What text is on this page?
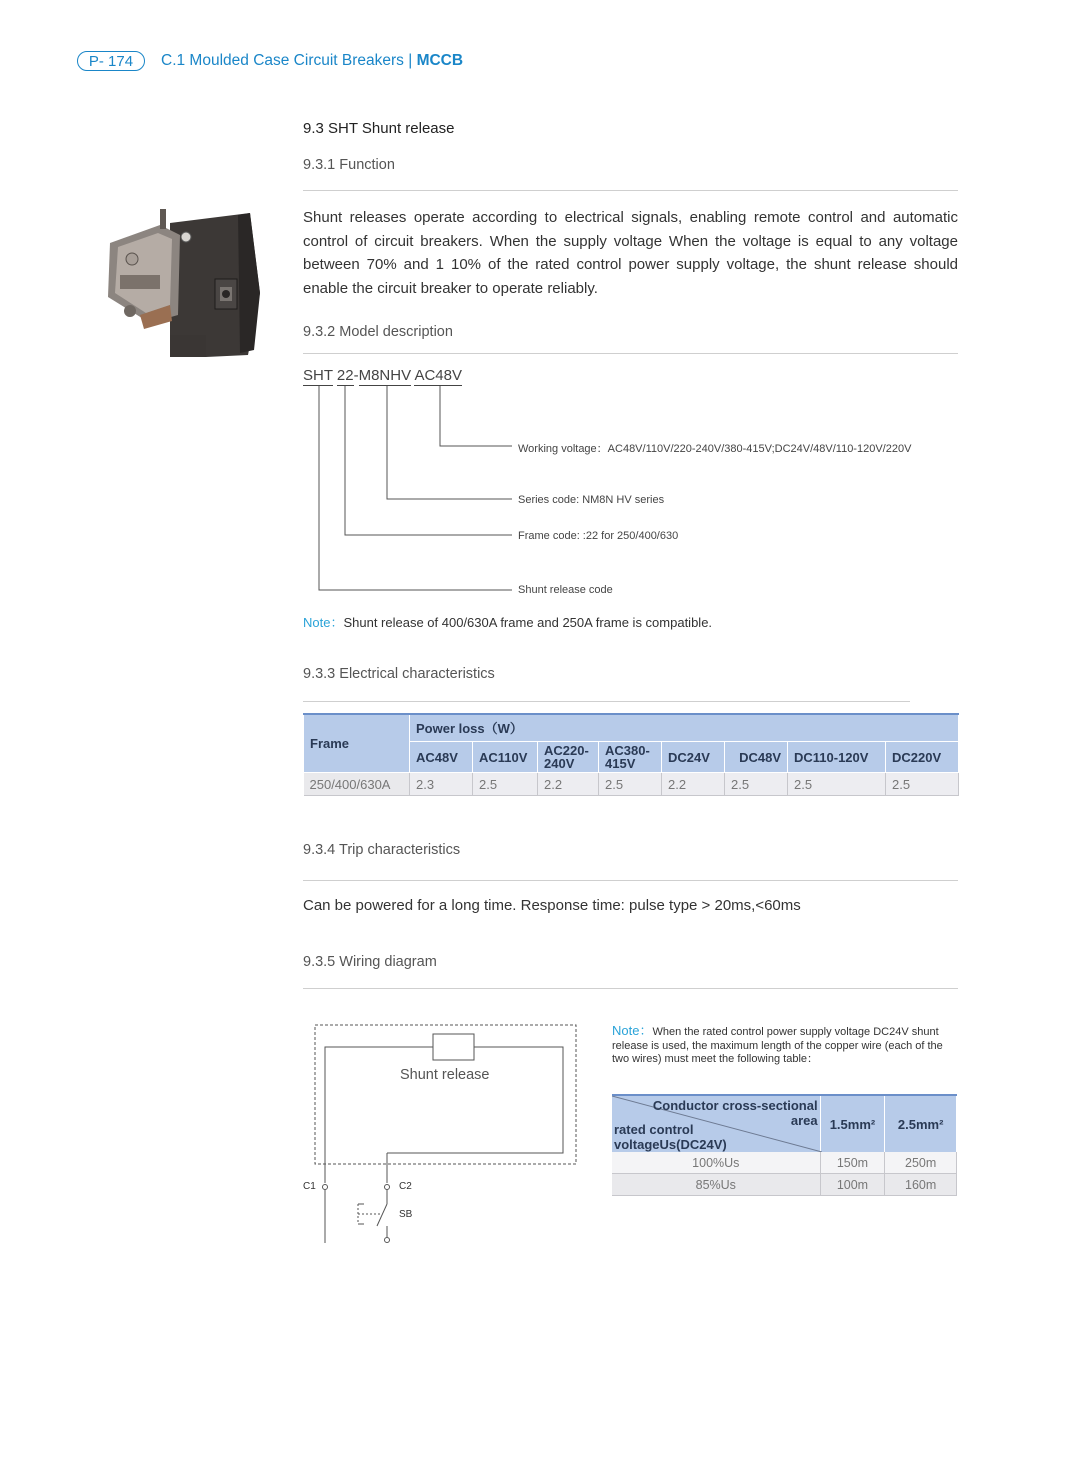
P- 174	C.1 Moulded Case Circuit Breakers | MCCB
9.3 SHT Shunt release
9.3.1 Function
Shunt releases operate according to electrical signals, enabling remote control and automatic control of circuit breakers. When the supply voltage When the voltage is equal to any voltage between 70% and 1 10% of the rated control power supply voltage, the shunt release should enable the circuit breaker to operate reliably.
9.3.2 Model description
SHT 22-M8NHV AC48V
Working voltage：AC48V/110V/220-240V/380-415V;DC24V/48V/110-120V/220V
Series code: NM8N HV series
Frame code: :22 for 250/400/630
Shunt release code
Note：Shunt release of 400/630A frame and 250A frame is compatible.
9.3.3 Electrical characteristics
Frame	Power loss（W）							
	AC48V	AC110V	AC220-240V	AC380-415V	DC24V	DC48V	DC110-120V	DC220V
250/400/630A	2.3	2.5	2.2	2.5	2.2	2.5	2.5	2.5
9.3.4 Trip characteristics
Can be powered for a long time. Response time: pulse type > 20ms,<60ms
9.3.5 Wiring diagram
Shunt release
C1	C2
SB
Note：When the rated control power supply voltage DC24V shunt release is used, the maximum length of the copper wire (each of the two wires) must meet the following table：
Conductor cross-sectional area
rated control voltageUs(DC24V)	1.5mm²	2.5mm²
100%Us	150m	250m
85%Us	100m	160m
